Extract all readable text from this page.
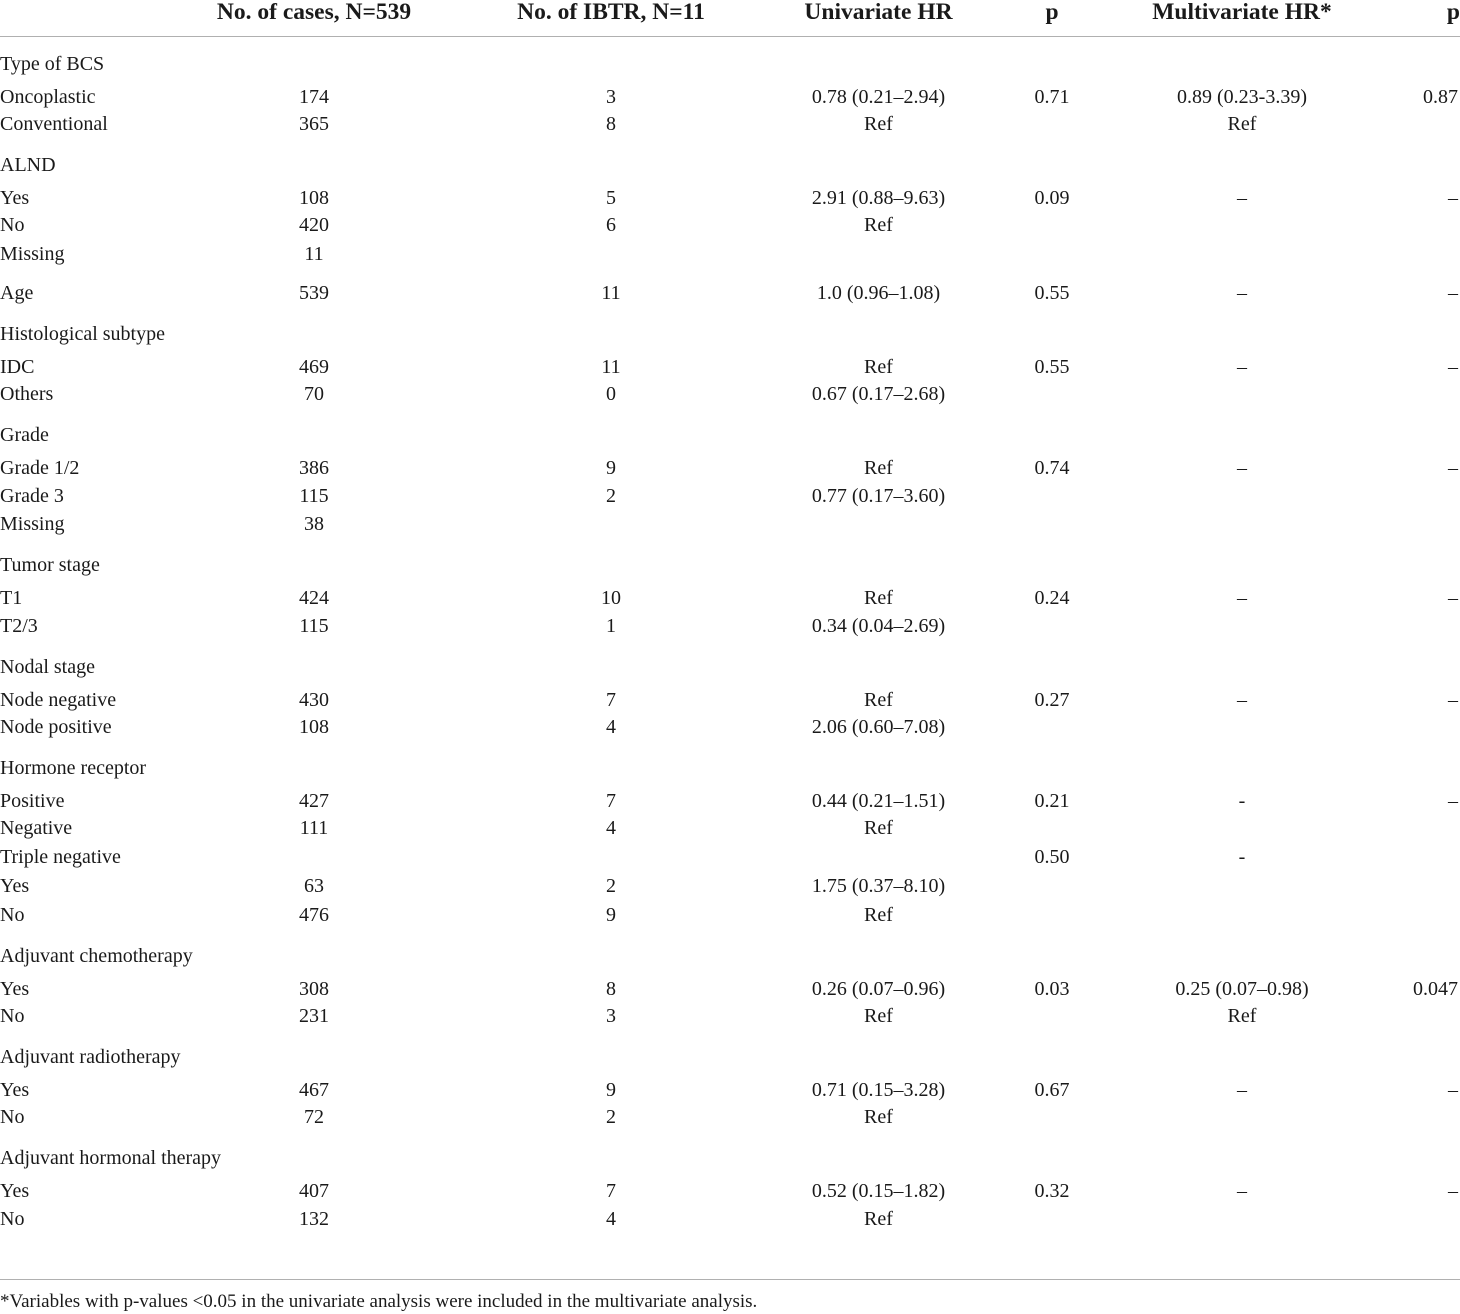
	No. of cases, N=539	No. of IBTR, N=11	Univariate HR	p	Multivariate HR*	p
Type of BCS						
Oncoplastic	174	3	0.78 (0.21–2.94)	0.71	0.89 (0.23-3.39)	0.87
Conventional	365	8	Ref		Ref	
ALND						
Yes	108	5	2.91 (0.88–9.63)	0.09	–	–
No	420	6	Ref			
Missing	11					
Age	539	11	1.0 (0.96–1.08)	0.55	–	–
Histological subtype						
IDC	469	11	Ref	0.55	–	–
Others	70	0	0.67 (0.17–2.68)			
Grade						
Grade 1/2	386	9	Ref	0.74	–	–
Grade 3	115	2	0.77 (0.17–3.60)			
Missing	38					
Tumor stage						
T1	424	10	Ref	0.24	–	–
T2/3	115	1	0.34 (0.04–2.69)			
Nodal stage						
Node negative	430	7	Ref	0.27	–	–
Node positive	108	4	2.06 (0.60–7.08)			
Hormone receptor						
Positive	427	7	0.44 (0.21–1.51)	0.21	-	–
Negative	111	4	Ref			
Triple negative				0.50	-	
Yes	63	2	1.75 (0.37–8.10)			
No	476	9	Ref			
Adjuvant chemotherapy						
Yes	308	8	0.26 (0.07–0.96)	0.03	0.25 (0.07–0.98)	0.047
No	231	3	Ref		Ref	
Adjuvant radiotherapy						
Yes	467	9	0.71 (0.15–3.28)	0.67	–	–
No	72	2	Ref			
Adjuvant hormonal therapy						
Yes	407	7	0.52 (0.15–1.82)	0.32	–	–
No	132	4	Ref			
*Variables with p-values <0.05 in the univariate analysis were included in the multivariate analysis.
